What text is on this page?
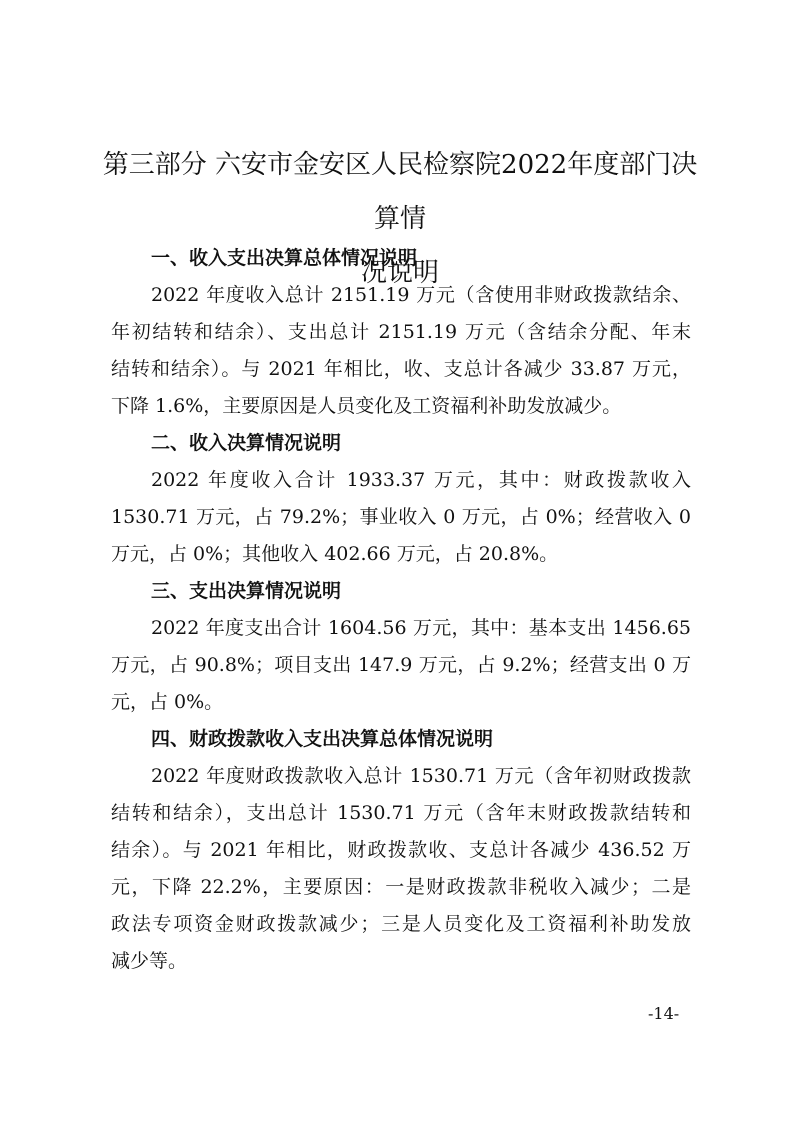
第三部分 六安市金安区人民检察院2022年度部门决算情
况说明
一、收入支出决算总体情况说明
2022 年度收入总计 2151.19 万元（含使用非财政拨款结余、
年初结转和结余）、支出总计 2151.19 万元（含结余分配、年末
结转和结余）。与 2021 年相比，收、支总计各减少 33.87 万元，
下降 1.6%，主要原因是人员变化及工资福利补助发放减少。
二、收入决算情况说明
2022 年度收入合计 1933.37 万元，其中：财政拨款收入
1530.71 万元，占 79.2%；事业收入 0 万元，占 0%；经营收入 0
万元，占 0%；其他收入 402.66 万元，占 20.8%。
三、支出决算情况说明
2022 年度支出合计 1604.56 万元，其中：基本支出 1456.65
万元，占 90.8%；项目支出 147.9 万元，占 9.2%；经营支出 0 万
元，占 0%。
四、财政拨款收入支出决算总体情况说明
2022 年度财政拨款收入总计 1530.71 万元（含年初财政拨款
结转和结余），支出总计 1530.71 万元（含年末财政拨款结转和
结余）。与 2021 年相比，财政拨款收、支总计各减少 436.52 万
元，下降 22.2%，主要原因：一是财政拨款非税收入减少；二是
政法专项资金财政拨款减少；三是人员变化及工资福利补助发放
减少等。
-14-
